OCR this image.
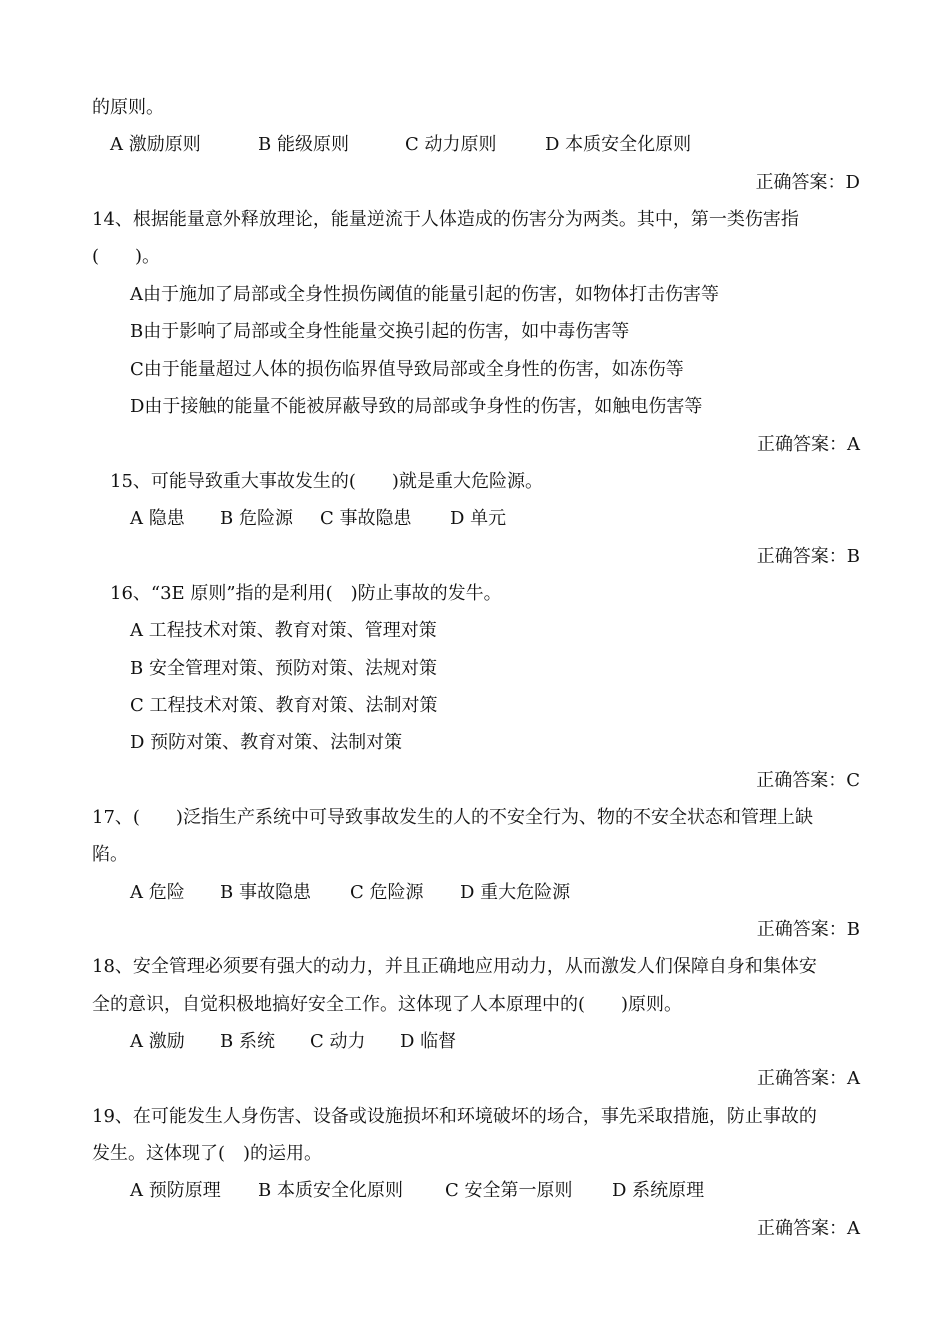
的原则。
A 激励原则	B 能级原则	C 动力原则	D 本质安全化原则
正确答案：D
14、根据能量意外释放理论，能量逆流于人体造成的伤害分为两类。其中，第一类伤害指
(　　)。
A由于施加了局部或全身性损伤阈值的能量引起的伤害，如物体打击伤害等
B由于影响了局部或全身性能量交换引起的伤害，如中毒伤害等
C由于能量超过人体的损伤临界值导致局部或全身性的伤害，如冻伤等
D由于接触的能量不能被屏蔽导致的局部或争身性的伤害，如触电伤害等
正确答案：A
15、可能导致重大事故发生的(　　)就是重大危险源。
A 隐患 B 危险源 C 事故隐患 D 单元
正确答案：B
16、“3E 原则”指的是利用(　)防止事故的发牛。
A 工程技术对策、教育对策、管理对策
B 安全管理对策、预防对策、法规对策
C 工程技术对策、教育对策、法制对策
D 预防对策、教育对策、法制对策
正确答案：C
17、(　　)泛指生产系统中可导致事故发生的人的不安全行为、物的不安全状态和管理上缺
陷。
A 危险 B 事故隐患 C 危险源 D 重大危险源
正确答案：B
18、安全管理必须要有强大的动力，并且正确地应用动力，从而激发人们保障自身和集体安
全的意识，自觉积极地搞好安全工作。这体现了人本原理中的(　　)原则。
A 激励 B 系统 C 动力 D 临督
正确答案：A
19、在可能发生人身伤害、设备或设施损坏和环境破坏的场合，事先采取措施，防止事故的
发生。这体现了(　)的运用。
A 预防原理 B 本质安全化原则 C 安全第一原则 D 系统原理
正确答案：A
